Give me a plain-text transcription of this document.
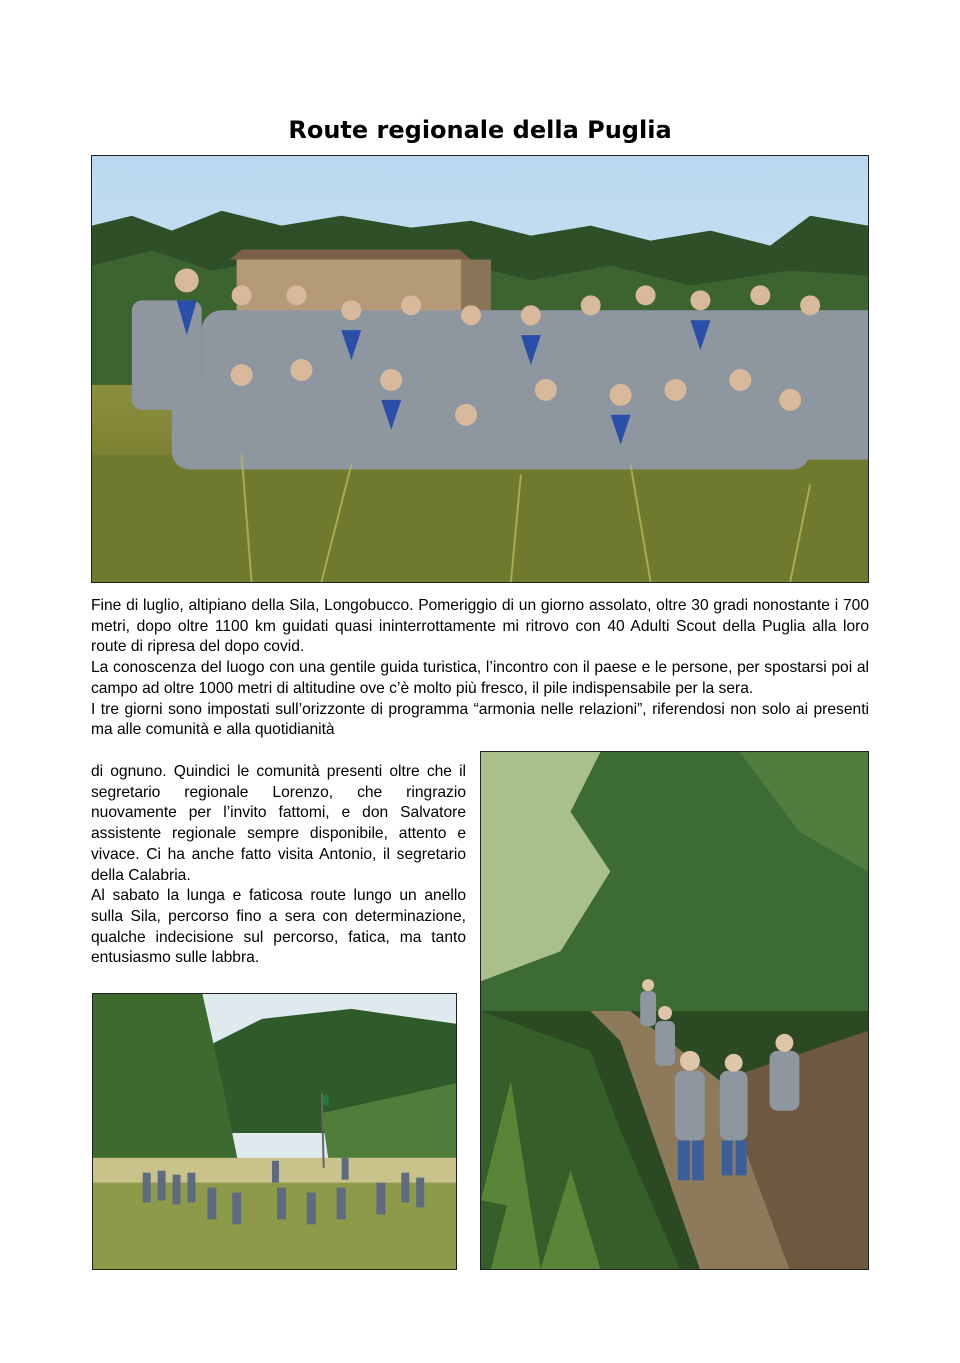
Route regionale della Puglia

Fine di luglio, altipiano della Sila, Longobucco. Pomeriggio di un giorno assolato, oltre 30 gradi nonostante i 700 metri, dopo oltre 1100 km guidati quasi ininterrottamente mi ritrovo con 40 Adulti Scout della Puglia alla loro route di ripresa del dopo covid.

La conoscenza del luogo con una gentile guida turistica, l’incontro con il paese e le persone, per spostarsi poi al campo ad oltre 1000 metri di altitudine ove c’è molto più fresco, il pile indispensabile per la sera.

I tre giorni sono impostati sull’orizzonte di programma “armonia nelle relazioni”, riferendosi non solo ai presenti ma alle comunità e alla quotidianità

di ognuno. Quindici le comunità presenti oltre che il segretario regionale Lorenzo, che ringrazio nuovamente per l’invito fattomi, e don Salvatore assistente regionale sempre disponibile, attento e vivace. Ci ha anche fatto visita Antonio, il segretario della Calabria.

Al sabato la lunga e faticosa route lungo un anello sulla Sila, percorso fino a sera con determinazione, qualche indecisione sul percorso, fatica, ma tanto entusiasmo sulle labbra.
